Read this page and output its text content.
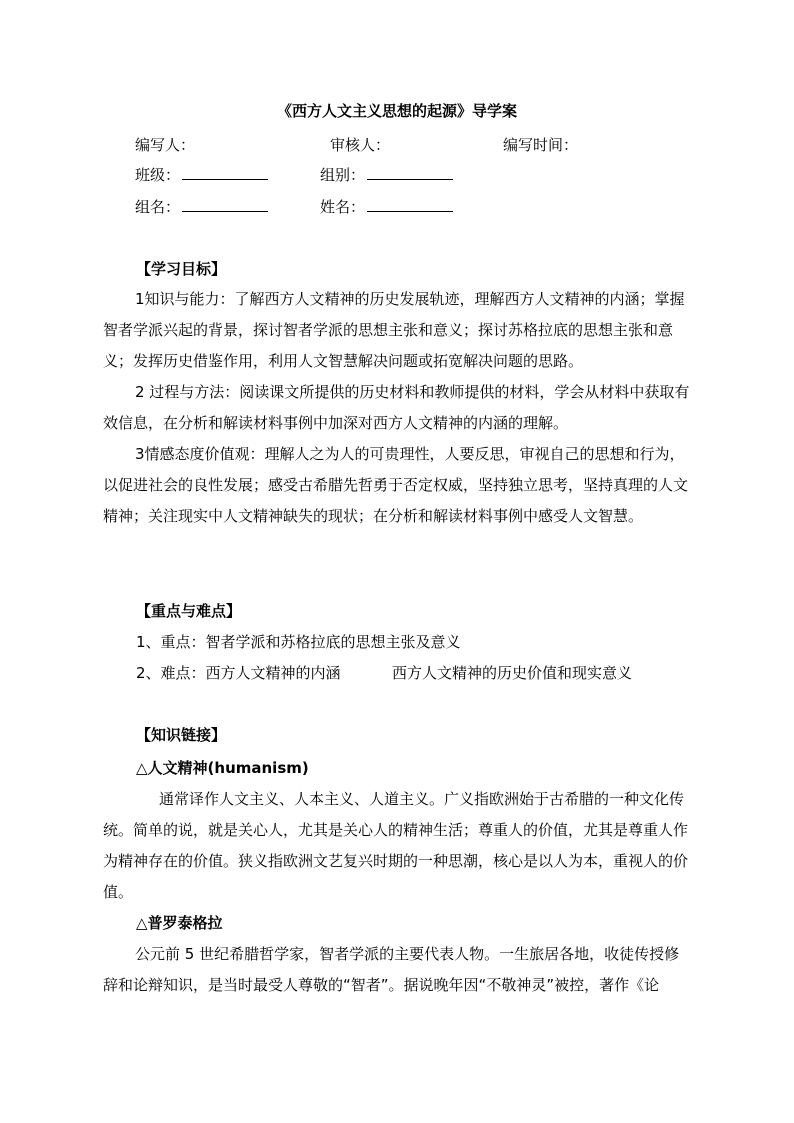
《西方人文主义思想的起源》导学案
编写人：	审核人：	编写时间：
班级：	组别：
组名：	姓名：
【学习目标】
1知识与能力：了解西方人文精神的历史发展轨迹，理解西方人文精神的内涵；掌握智者学派兴起的背景，探讨智者学派的思想主张和意义；探讨苏格拉底的思想主张和意义；发挥历史借鉴作用，利用人文智慧解决问题或拓宽解决问题的思路。
2 过程与方法：阅读课文所提供的历史材料和教师提供的材料，学会从材料中获取有效信息，在分析和解读材料事例中加深对西方人文精神的内涵的理解。
3情感态度价值观：理解人之为人的可贵理性，人要反思，审视自己的思想和行为，以促进社会的良性发展；感受古希腊先哲勇于否定权威，坚持独立思考，坚持真理的人文精神；关注现实中人文精神缺失的现状；在分析和解读材料事例中感受人文智慧。
【重点与难点】
1、重点：智者学派和苏格拉底的思想主张及意义
2、难点：西方人文精神的内涵	西方人文精神的历史价值和现实意义
【知识链接】
△人文精神(humanism)
通常译作人文主义、人本主义、人道主义。广义指欧洲始于古希腊的一种文化传统。简单的说，就是关心人，尤其是关心人的精神生活；尊重人的价值，尤其是尊重人作为精神存在的价值。狭义指欧洲文艺复兴时期的一种思潮，核心是以人为本，重视人的价值。
△普罗泰格拉
公元前 5 世纪希腊哲学家，智者学派的主要代表人物。一生旅居各地，收徒传授修辞和论辩知识，是当时最受人尊敬的“智者”。据说晚年因“不敬神灵”被控，著作《论
